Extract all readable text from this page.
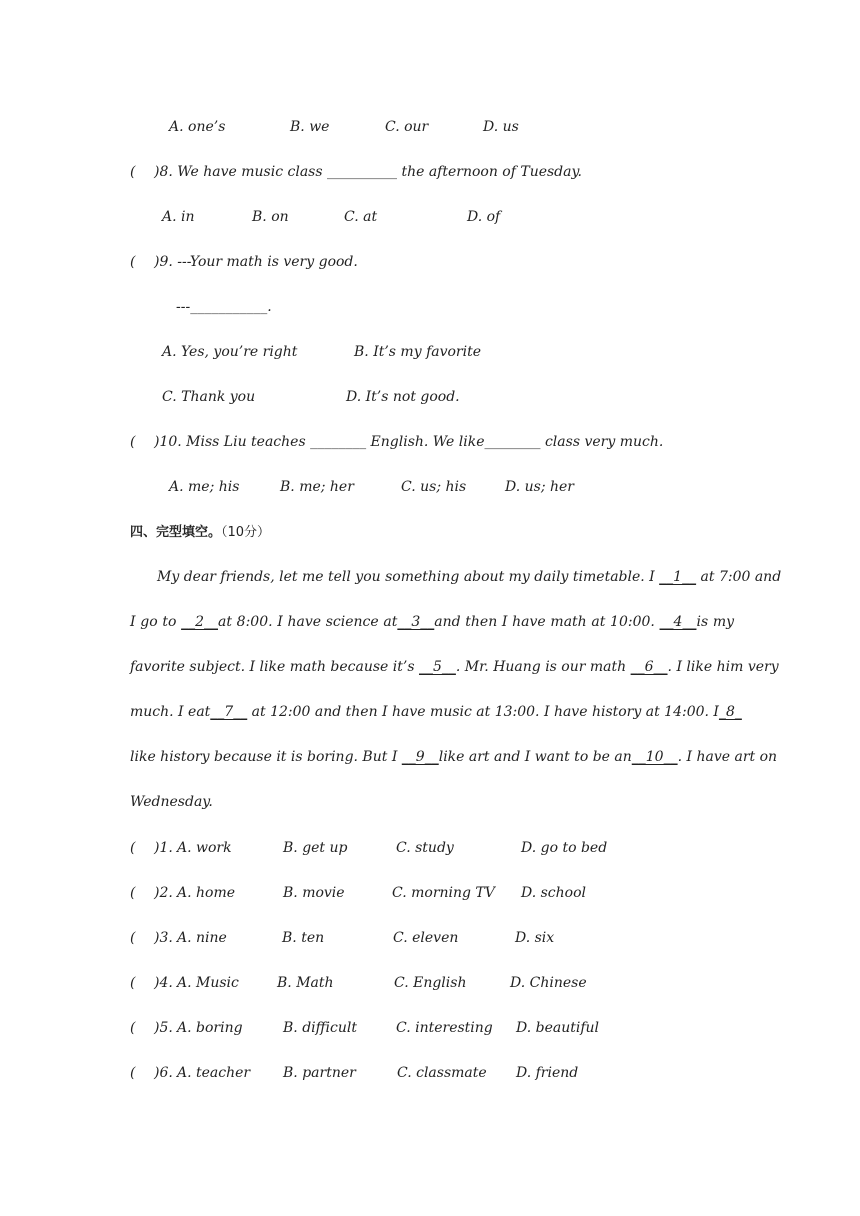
A. one’s	B. we	C. our	D. us
( )8. We have music class __________ the afternoon of Tuesday.
A. in	B. on	C. at	D. of
( )9. ---Your math is very good.
---___________.
A. Yes, you’re right	B. It’s my favorite
C. Thank you	D. It’s not good.
( )10. Miss Liu teaches ________ English. We like________ class very much.
A. me; his	B. me; her	C. us; his	D. us; her
四、完型填空。（10分）
My dear friends, let me tell you something about my daily timetable. I __1__ at 7:00 and
I go to __2__at 8:00. I have science at__3__and then I have math at 10:00. __4__is my
favorite subject. I like math because it’s __5__. Mr. Huang is our math __6__. I like him very
much. I eat__7__ at 12:00 and then I have music at 13:00. I have history at 14:00. I_8_
like history because it is boring. But I __9__like art and I want to be an__10__. I have art on
Wednesday.
( )1. A. work	B. get up	C. study	D. go to bed
( )2. A. home	B. movie	C. morning TV D. school
( )3. A. nine	B. ten	C. eleven	D. six
( )4. A. Music	B. Math	C. English	D. Chinese
( )5. A. boring	B. difficult	C. interesting D. beautiful
( )6. A. teacher B. partner	C. classmate D. friend
